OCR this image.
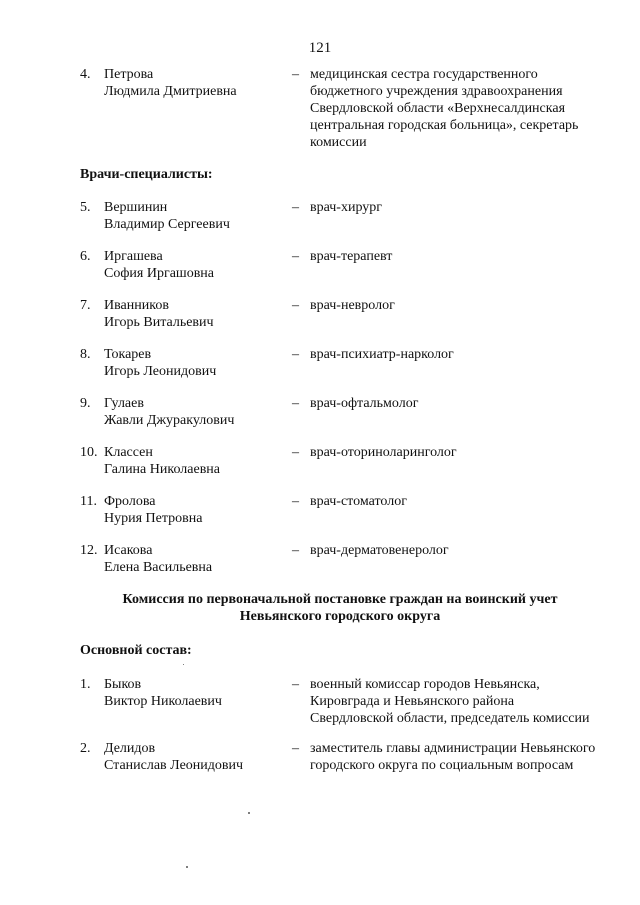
121
4. Петрова
Людмила Дмитриевна
– медицинская сестра государственного
бюджетного учреждения здравоохранения
Свердловской области «Верхнесалдинская
центральная городская больница», секретарь
комиссии
Врачи-специалисты:
5. Вершинин
Владимир Сергеевич
– врач-хирург
6. Иргашева
София Иргашовна
– врач-терапевт
7. Иванников
Игорь Витальевич
– врач-невролог
8. Токарев
Игорь Леонидович
– врач-психиатр-нарколог
9. Гулаев
Жавли Джуракулович
– врач-офтальмолог
10. Классен
Галина Николаевна
– врач-оториноларинголог
11. Фролова
Нурия Петровна
– врач-стоматолог
12. Исакова
Елена Васильевна
– врач-дерматовенеролог
Комиссия по первоначальной постановке граждан на воинский учет
Невьянского городского округа
Основной состав:
1. Быков
Виктор Николаевич
– военный комиссар городов Невьянска,
Кировграда и Невьянского района
Свердловской области, председатель комиссии
2. Делидов
Станислав Леонидович
– заместитель главы администрации Невьянского
городского округа по социальным вопросам
